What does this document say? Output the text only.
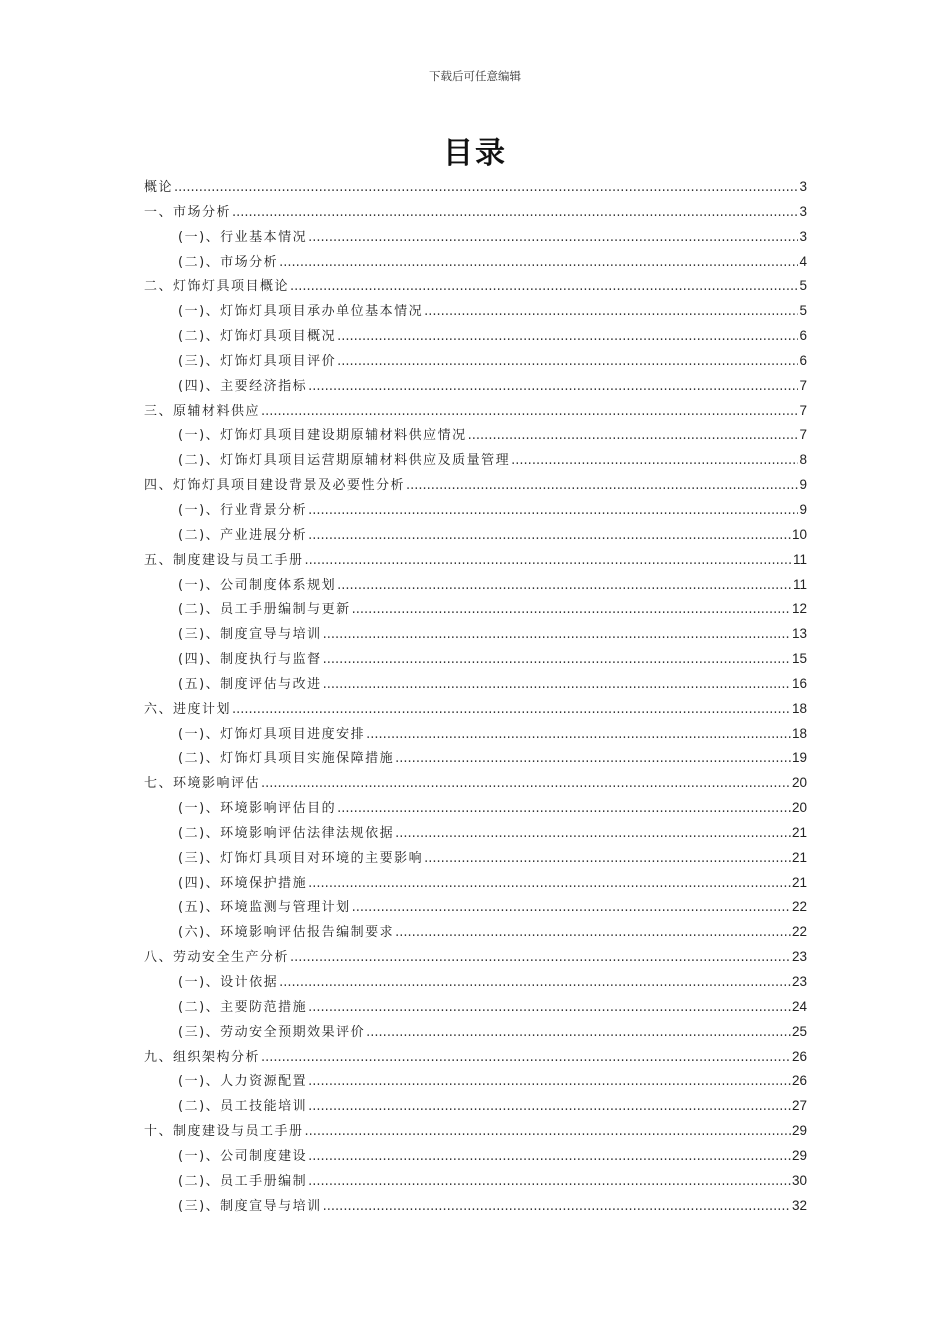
下载后可任意编辑
目录
概论 .....	3
一、市场分析 .....	3
(一)、行业基本情况 .....	3
(二)、市场分析 .....	4
二、灯饰灯具项目概论 .....	5
(一)、灯饰灯具项目承办单位基本情况 .....	5
(二)、灯饰灯具项目概况 .....	6
(三)、灯饰灯具项目评价 .....	6
(四)、主要经济指标 .....	7
三、原辅材料供应 .....	7
(一)、灯饰灯具项目建设期原辅材料供应情况 .....	7
(二)、灯饰灯具项目运营期原辅材料供应及质量管理 .....	8
四、灯饰灯具项目建设背景及必要性分析 .....	9
(一)、行业背景分析 .....	9
(二)、产业进展分析 .....	10
五、制度建设与员工手册 .....	11
(一)、公司制度体系规划 .....	11
(二)、员工手册编制与更新 .....	12
(三)、制度宣导与培训 .....	13
(四)、制度执行与监督 .....	15
(五)、制度评估与改进 .....	16
六、进度计划 .....	18
(一)、灯饰灯具项目进度安排 .....	18
(二)、灯饰灯具项目实施保障措施 .....	19
七、环境影响评估 .....	20
(一)、环境影响评估目的 .....	20
(二)、环境影响评估法律法规依据 .....	21
(三)、灯饰灯具项目对环境的主要影响 .....	21
(四)、环境保护措施 .....	21
(五)、环境监测与管理计划 .....	22
(六)、环境影响评估报告编制要求 .....	22
八、劳动安全生产分析 .....	23
(一)、设计依据 .....	23
(二)、主要防范措施 .....	24
(三)、劳动安全预期效果评价 .....	25
九、组织架构分析 .....	26
(一)、人力资源配置 .....	26
(二)、员工技能培训 .....	27
十、制度建设与员工手册 .....	29
(一)、公司制度建设 .....	29
(二)、员工手册编制 .....	30
(三)、制度宣导与培训 .....	32
